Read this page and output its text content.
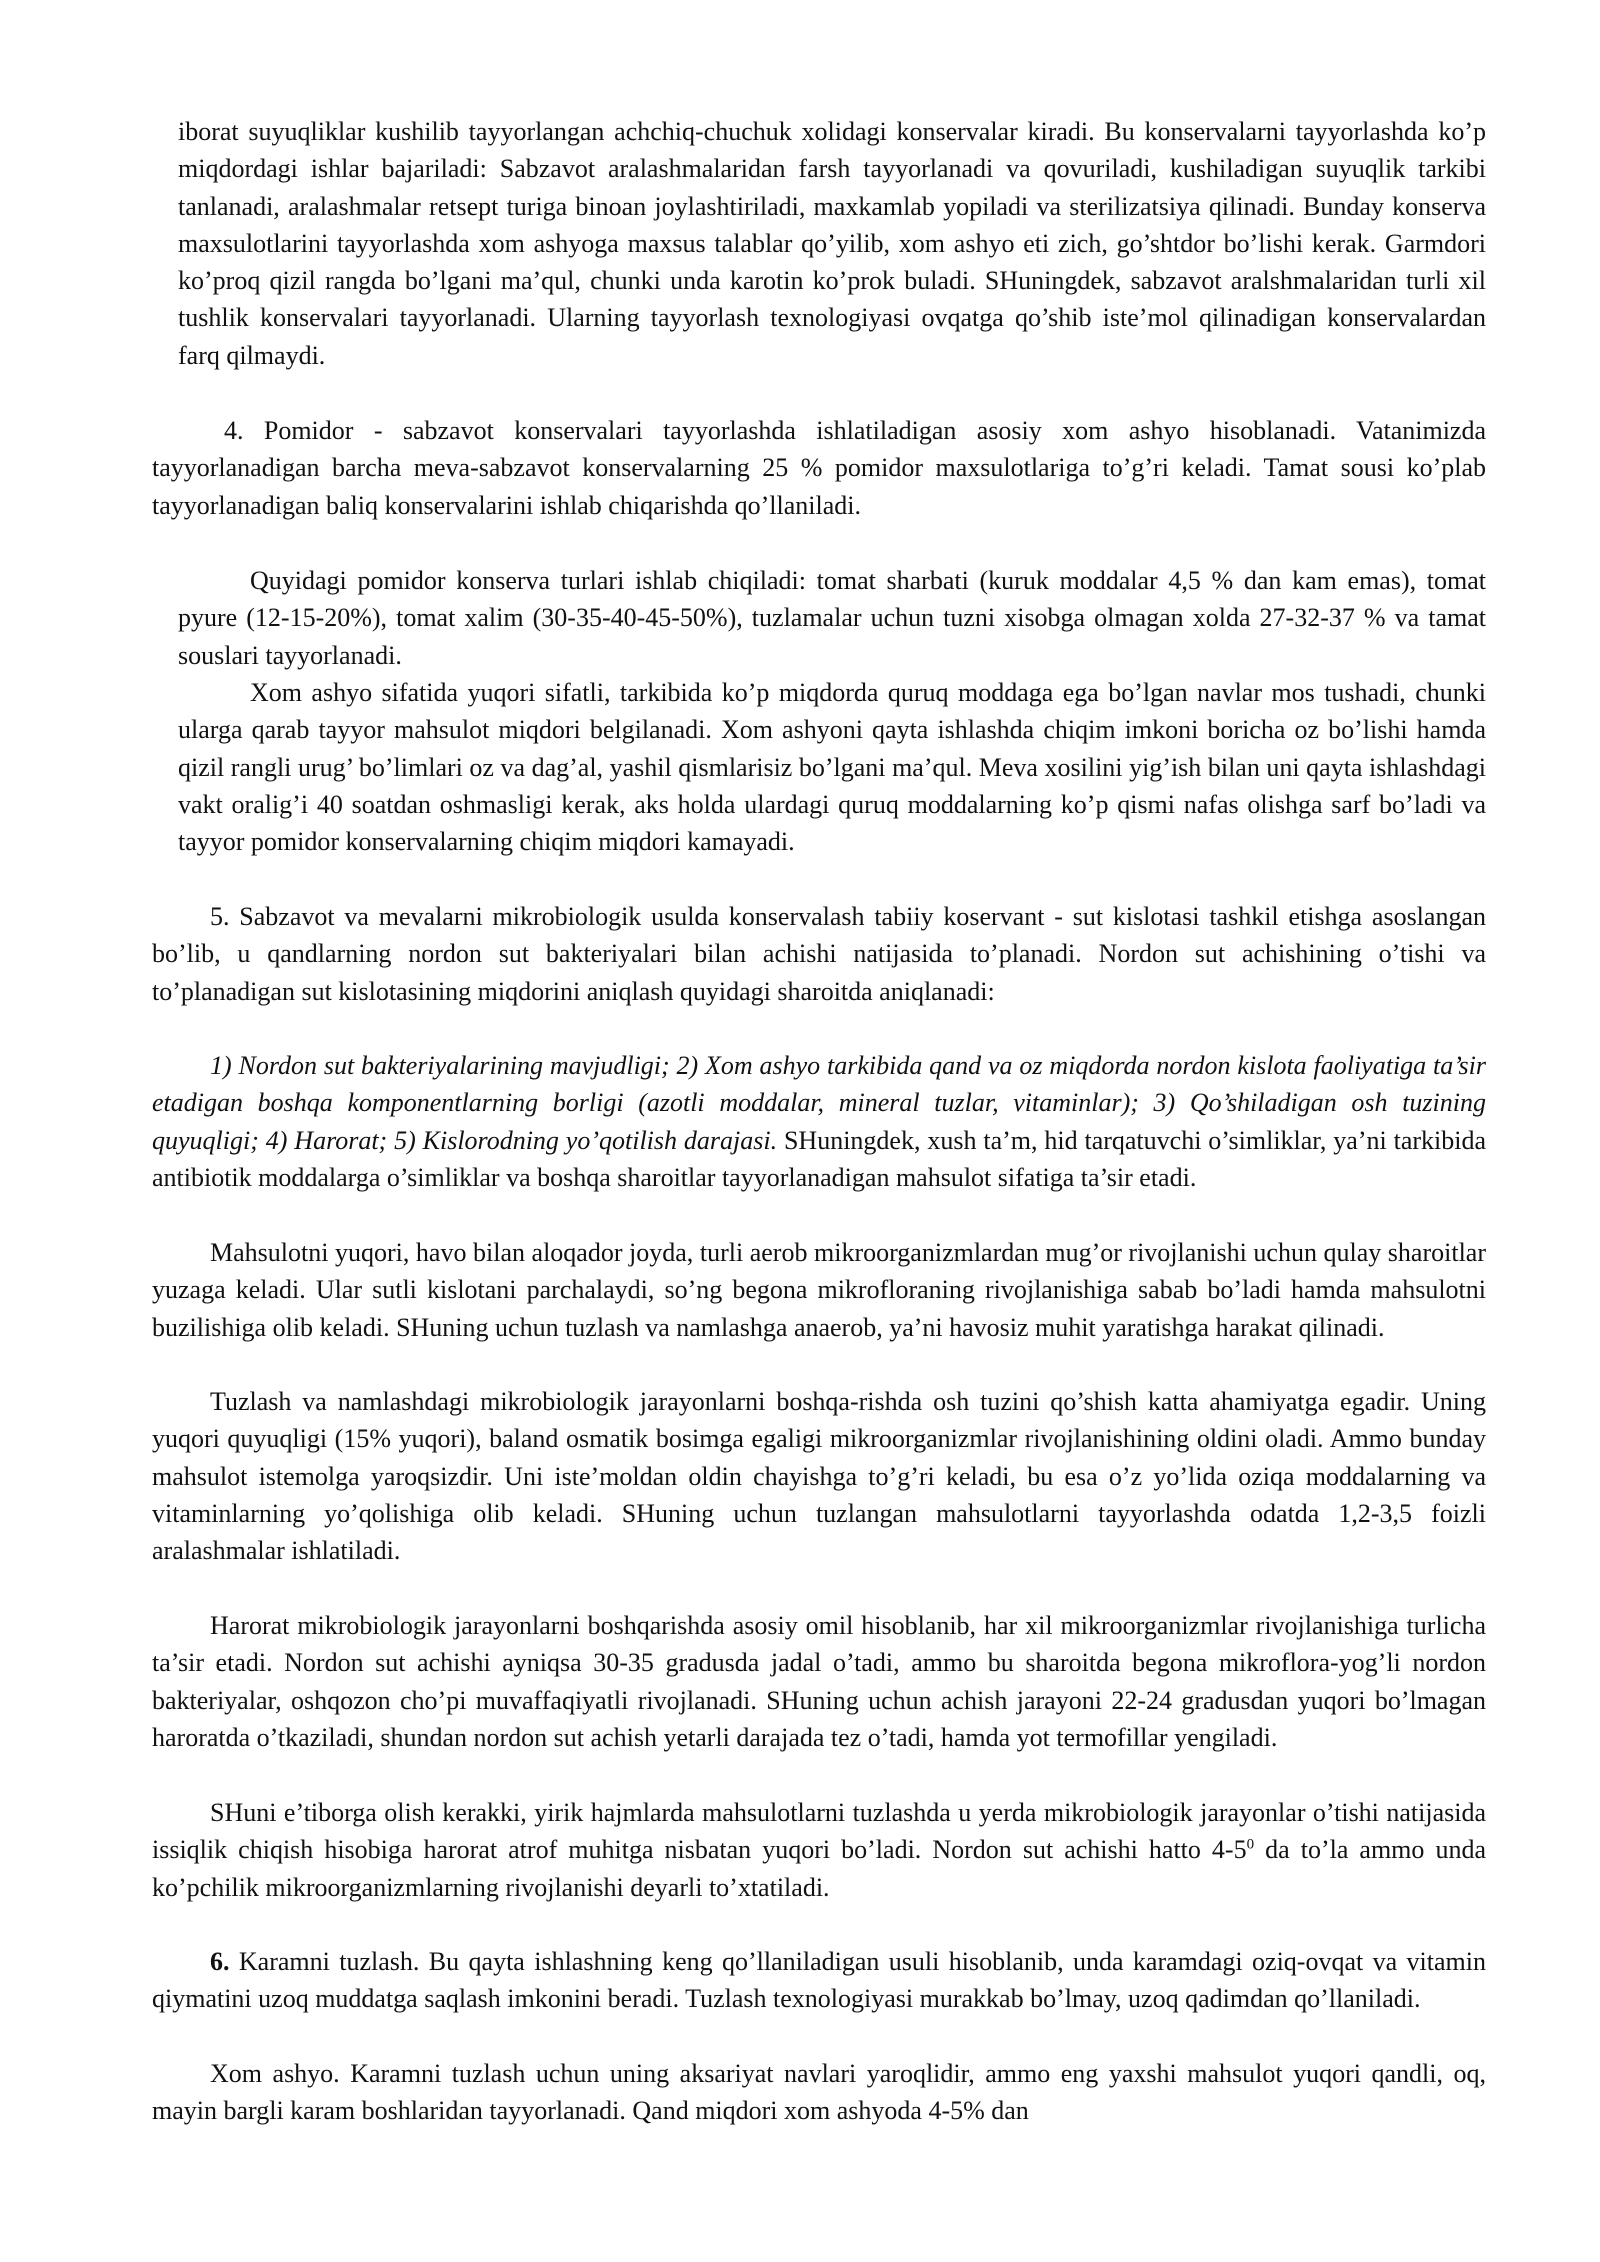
iborat suyuqliklar kushilib tayyorlangan achchiq-chuchuk xolidagi konservalar kiradi. Bu konservalarni tayyorlashda ko’p miqdordagi ishlar bajariladi: Sabzavot aralashmalaridan farsh tayyorlanadi va qovuriladi, kushiladigan suyuqlik tarkibi tanlanadi, aralashmalar retsept turiga binoan joylashtiriladi, maxkamlab yopiladi va sterilizatsiya qilinadi. Bunday konserva maxsulotlarini tayyorlashda xom ashyoga maxsus talablar qo’yilib, xom ashyo eti zich, go’shtdor bo’lishi kerak. Garmdori ko’proq qizil rangda bo’lgani ma’qul, chunki unda karotin ko’prok buladi. SHuningdek, sabzavot aralshmalaridan turli xil tushlik konservalari tayyorlanadi. Ularning tayyorlash texnologiyasi ovqatga qo’shib iste’mol qilinadigan konservalardan farq qilmaydi.

4. Pomidor - sabzavot konservalari tayyorlashda ishlatiladigan asosiy xom ashyo hisoblanadi. Vatanimizda tayyorlanadigan barcha meva-sabzavot konservalarning 25 % pomidor maxsulotlariga to’g’ri keladi. Tamat sousi ko’plab tayyorlanadigan baliq konservalarini ishlab chiqarishda qo’llaniladi.

Quyidagi pomidor konserva turlari ishlab chiqiladi: tomat sharbati (kuruk moddalar 4,5 % dan kam emas), tomat pyure (12-15-20%), tomat xalim (30-35-40-45-50%), tuzlamalar uchun tuzni xisobga olmagan xolda 27-32-37 % va tamat souslari tayyorlanadi.

Xom ashyo sifatida yuqori sifatli, tarkibida ko’p miqdorda quruq moddaga ega bo’lgan navlar mos tushadi, chunki ularga qarab tayyor mahsulot miqdori belgilanadi. Xom ashyoni qayta ishlashda chiqim imkoni boricha oz bo’lishi hamda qizil rangli urug’ bo’limlari oz va dag’al, yashil qismlarisiz bo’lgani ma’qul. Meva xosilini yig’ish bilan uni qayta ishlashdagi vakt oralig’i 40 soatdan oshmasligi kerak, aks holda ulardagi quruq moddalarning ko’p qismi nafas olishga sarf bo’ladi va tayyor pomidor konservalarning chiqim miqdori kamayadi.

5. Sabzavot va mevalarni mikrobiologik usulda konservalash tabiiy koservant - sut kislotasi tashkil etishga asoslangan bo’lib, u qandlarning nordon sut bakteriyalari bilan achishi natijasida to’planadi. Nordon sut achishining o’tishi va to’planadigan sut kislotasining miqdorini aniqlash quyidagi sharoitda aniqlanadi:

1) Nordon sut bakteriyalarining mavjudligi; 2) Xom ashyo tarkibida qand va oz miqdorda nordon kislota faoliyatiga ta’sir etadigan boshqa komponentlarning borligi (azotli moddalar, mineral tuzlar, vitaminlar); 3) Qo’shiladigan osh tuzining quyuqligi; 4) Harorat; 5) Kislorodning yo’qotilish darajasi. SHuningdek, xush ta’m, hid tarqatuvchi o’simliklar, ya’ni tarkibida antibiotik moddalarga o’simliklar va boshqa sharoitlar tayyorlanadigan mahsulot sifatiga ta’sir etadi.

Mahsulotni yuqori, havo bilan aloqador joyda, turli aerob mikroorganizmlardan mug’or rivojlanishi uchun qulay sharoitlar yuzaga keladi. Ular sutli kislotani parchalaydi, so’ng begona mikrofloraning rivojlanishiga sabab bo’ladi hamda mahsulotni buzilishiga olib keladi. SHuning uchun tuzlash va namlashga anaerob, ya’ni havosiz muhit yaratishga harakat qilinadi.

Tuzlash va namlashdagi mikrobiologik jarayonlarni boshqa-rishda osh tuzini qo’shish katta ahamiyatga egadir. Uning yuqori quyuqligi (15% yuqori), baland osmatik bosimga egaligi mikroorganizmlar rivojlanishining oldini oladi. Ammo bunday mahsulot istemolga yaroqsizdir. Uni iste’moldan oldin chayishga to’g’ri keladi, bu esa o’z yo’lida oziqa moddalarning va vitaminlarning yo’qolishiga olib keladi. SHuning uchun tuzlangan mahsulotlarni tayyorlashda odatda 1,2-3,5 foizli aralashmalar ishlatiladi.

Harorat mikrobiologik jarayonlarni boshqarishda asosiy omil hisoblanib, har xil mikroorganizmlar rivojlanishiga turlicha ta’sir etadi. Nordon sut achishi ayniqsa 30-35 gradusda jadal o’tadi, ammo bu sharoitda begona mikroflora-yog’li nordon bakteriyalar, oshqozon cho’pi muvaffaqiyatli rivojlanadi. SHuning uchun achish jarayoni 22-24 gradusdan yuqori bo’lmagan haroratda o’tkaziladi, shundan nordon sut achish yetarli darajada tez o’tadi, hamda yot termofillar yengiladi.

SHuni e’tiborga olish kerakki, yirik hajmlarda mahsulotlarni tuzlashda u yerda mikrobiologik jarayonlar o’tishi natijasida issiqlik chiqish hisobiga harorat atrof muhitga nisbatan yuqori bo’ladi. Nordon sut achishi hatto $4-5^0$ da to’la ammo unda ko’pchilik mikroorganizmlarning rivojlanishi deyarli to’xtatiladi.

6. Karamni tuzlash. Bu qayta ishlashning keng qo’llaniladigan usuli hisoblanib, unda karamdagi oziq-ovqat va vitamin qiymatini uzoq muddatga saqlash imkonini beradi. Tuzlash texnologiyasi murakkab bo’lmay, uzoq qadimdan qo’llaniladi.

Xom ashyo. Karamni tuzlash uchun uning aksariyat navlari yaroqlidir, ammo eng yaxshi mahsulot yuqori qandli, oq, mayin bargli karam boshlaridan tayyorlanadi. Qand miqdori xom ashyoda 4-5% dan
